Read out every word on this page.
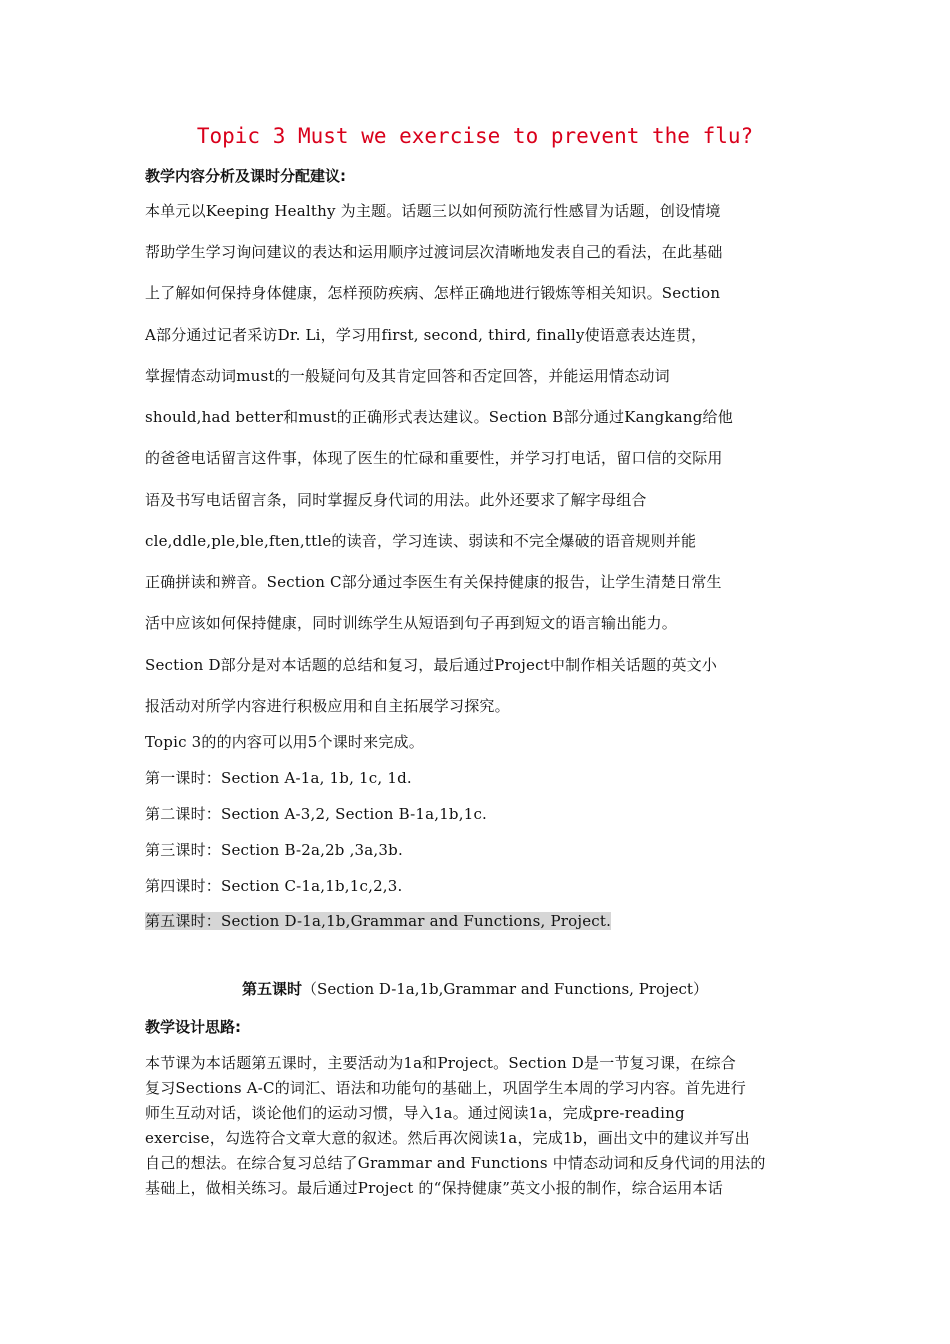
Topic 3 Must we exercise to prevent the flu?
教学内容分析及课时分配建议:
本单元以Keeping Healthy 为主题。话题三以如何预防流行性感冒为话题，创设情境
帮助学生学习询问建议的表达和运用顺序过渡词层次清晰地发表自己的看法，在此基础
上了解如何保持身体健康，怎样预防疾病、怎样正确地进行锻炼等相关知识。Section
A部分通过记者采访Dr. Li，学习用first, second, third, finally使语意表达连贯，
掌握情态动词must的一般疑问句及其肯定回答和否定回答，并能运用情态动词
should,had better和must的正确形式表达建议。Section B部分通过Kangkang给他
的爸爸电话留言这件事，体现了医生的忙碌和重要性，并学习打电话，留口信的交际用
语及书写电话留言条，同时掌握反身代词的用法。此外还要求了解字母组合
cle,ddle,ple,ble,ften,ttle的读音，学习连读、弱读和不完全爆破的语音规则并能
正确拼读和辨音。Section C部分通过李医生有关保持健康的报告，让学生清楚日常生
活中应该如何保持健康，同时训练学生从短语到句子再到短文的语言输出能力。
Section D部分是对本话题的总结和复习，最后通过Project中制作相关话题的英文小
报活动对所学内容进行积极应用和自主拓展学习探究。
Topic 3的的内容可以用5个课时来完成。
第一课时：Section A-1a, 1b, 1c, 1d.
第二课时：Section A-3,2, Section B-1a,1b,1c.
第三课时：Section B-2a,2b ,3a,3b.
第四课时：Section C-1a,1b,1c,2,3.
第五课时：Section D-1a,1b,Grammar and Functions, Project.
第五课时（Section D-1a,1b,Grammar and Functions, Project）
教学设计思路:
本节课为本话题第五课时，主要活动为1a和Project。Section D是一节复习课，在综合
复习Sections A-C的词汇、语法和功能句的基础上，巩固学生本周的学习内容。首先进行
师生互动对话，谈论他们的运动习惯，导入1a。通过阅读1a，完成pre-reading
exercise，勾选符合文章大意的叙述。然后再次阅读1a，完成1b，画出文中的建议并写出
自己的想法。在综合复习总结了Grammar and Functions 中情态动词和反身代词的用法的
基础上，做相关练习。最后通过Project 的“保持健康”英文小报的制作，综合运用本话
